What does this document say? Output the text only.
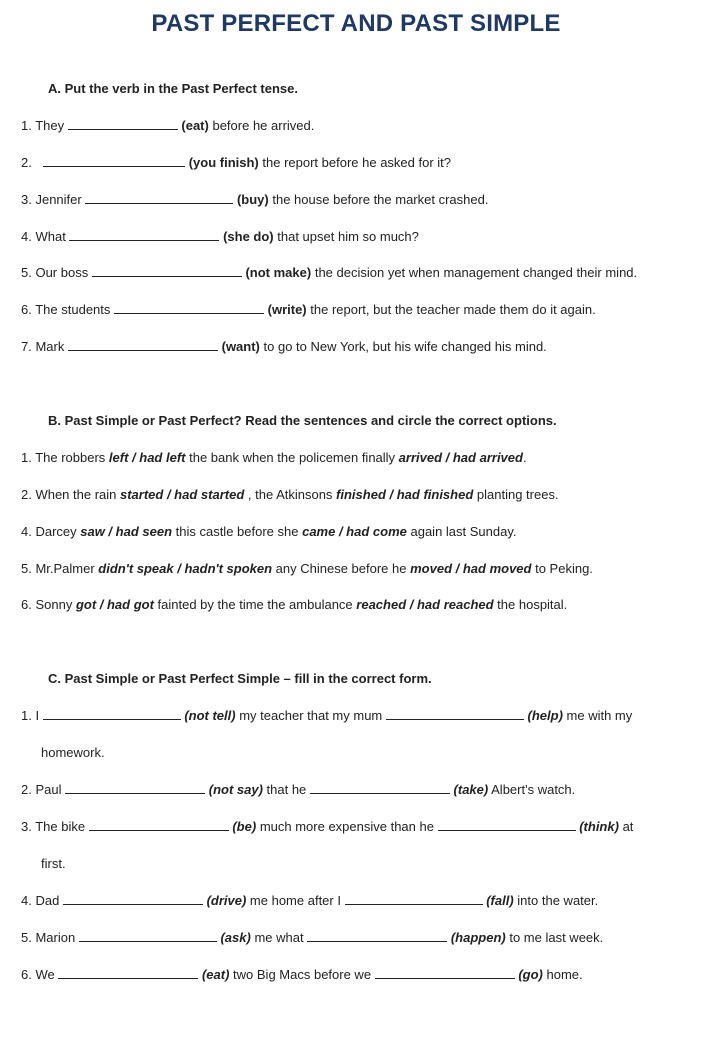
PAST PERFECT AND PAST SIMPLE
A. Put the verb in the Past Perfect tense.
1. They	(eat) before he arrived.
2.	(you finish) the report before he asked for it?
3. Jennifer	(buy) the house before the market crashed.
4. What	(she do) that upset him so much?
5. Our boss	(not make) the decision yet when management changed their mind.
6. The students	(write) the report, but the teacher made them do it again.
7. Mark	(want) to go to New York, but his wife changed his mind.
B. Past Simple or Past Perfect? Read the sentences and circle the correct options.
1. The robbers left / had left the bank when the policemen finally arrived / had arrived.
2. When the rain started / had started , the Atkinsons finished / had finished planting trees.
4. Darcey saw / had seen this castle before she came / had come again last Sunday.
5. Mr.Palmer didn't speak / hadn't spoken any Chinese before he moved / had moved to Peking.
6. Sonny got / had got fainted by the time the ambulance reached / had reached the hospital.
C. Past Simple or Past Perfect Simple – fill in the correct form.
1. I	(not tell) my teacher that my mum	(help) me with my
homework.
2. Paul	(not say) that he	(take) Albert's watch.
3. The bike	(be) much more expensive than he	(think) at
first.
4. Dad	(drive) me home after I	(fall) into the water.
5. Marion	(ask) me what	(happen) to me last week.
6. We	(eat) two Big Macs before we	(go) home.
